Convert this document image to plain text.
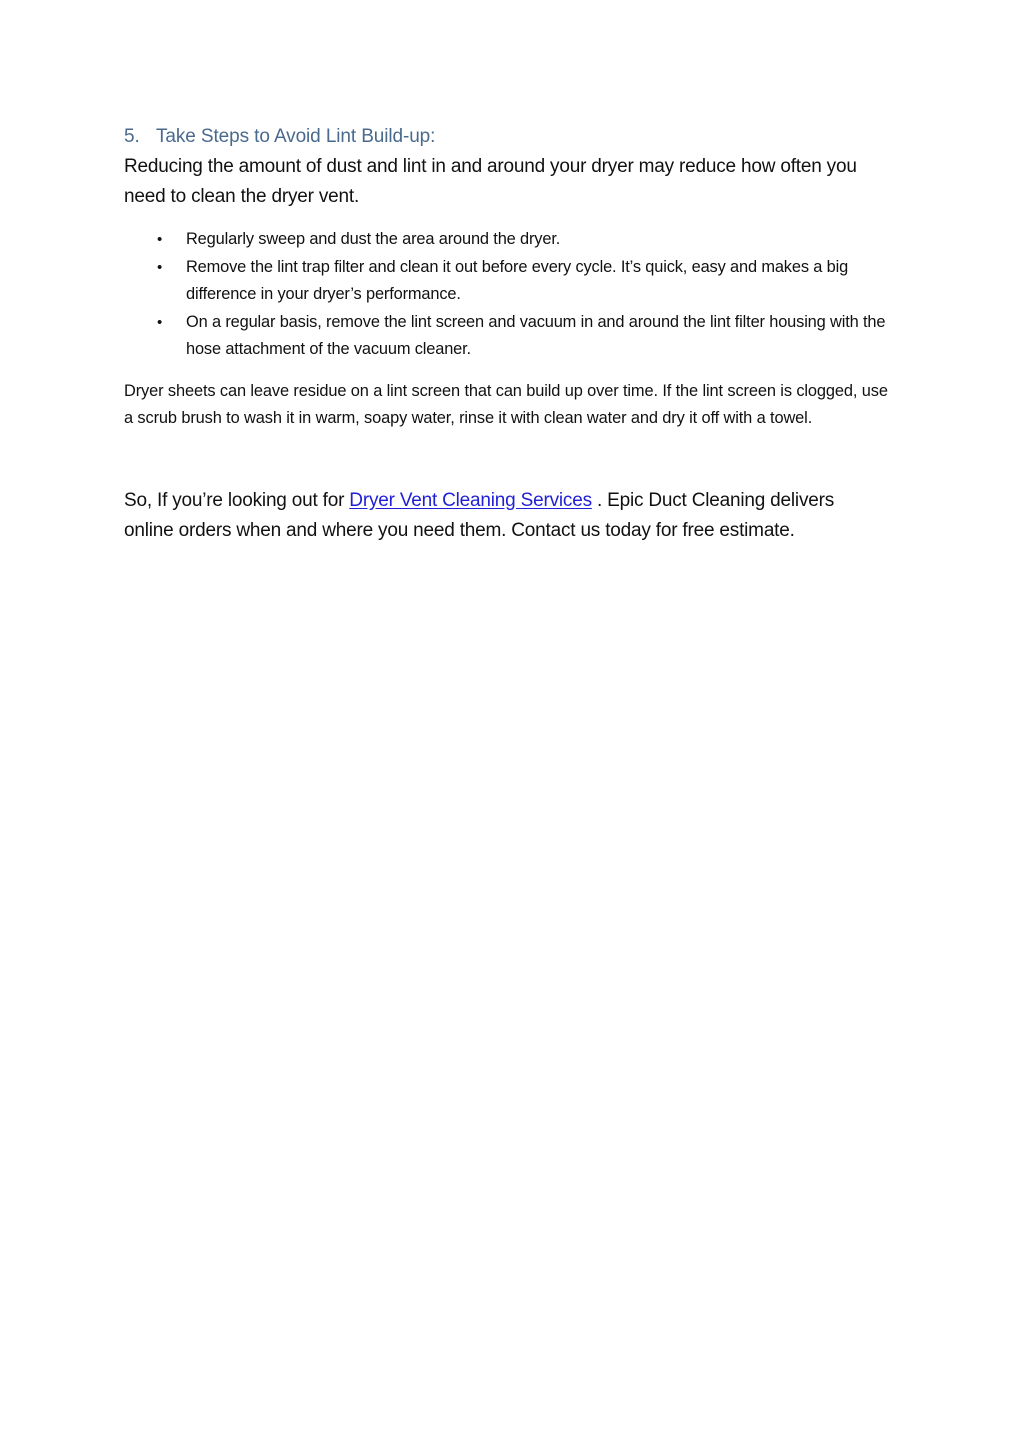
5. Take Steps to Avoid Lint Build-up:

Reducing the amount of dust and lint in and around your dryer may reduce how often you need to clean the dryer vent.

•	Regularly sweep and dust the area around the dryer.
•	Remove the lint trap filter and clean it out before every cycle. It’s quick, easy and makes a big difference in your dryer’s performance.
•	On a regular basis, remove the lint screen and vacuum in and around the lint filter housing with the hose attachment of the vacuum cleaner.

Dryer sheets can leave residue on a lint screen that can build up over time. If the lint screen is clogged, use a scrub brush to wash it in warm, soapy water, rinse it with clean water and dry it off with a towel.

So, If you’re looking out for Dryer Vent Cleaning Services . Epic Duct Cleaning delivers online orders when and where you need them. Contact us today for free estimate.
